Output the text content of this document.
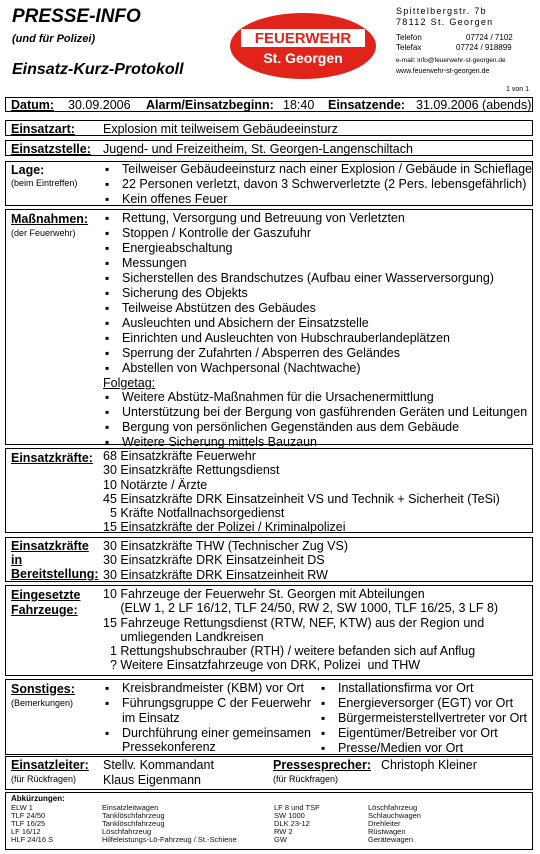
PRESSE-INFO
(und für Polizei)
Einsatz-Kurz-Protokoll
FEUERWEHR
St. Georgen
Spittelbergstr. 7b
78112 St. Georgen
Telefon	07724 / 7102
Telefax	07724 / 918899
e-mail: info@feuerwehr-st-georgen.de
www.feuerwehr-st-georgen.de
1 von 1
Datum: 30.09.2006 Alarm/Einsatzbeginn: 18:40 Einsatzende: 31.09.2006 (abends)
Einsatzart: Explosion mit teilweisem Gebäudeeinsturz
Einsatzstelle: Jugend- und Freizeitheim, St. Georgen-Langenschiltach
Lage:
(beim Eintreffen)
▪ Teilweiser Gebäudeeinsturz nach einer Explosion / Gebäude in Schieflage
▪ 22 Personen verletzt, davon 3 Schwerverletzte (2 Pers. lebensgefährlich)
▪ Kein offenes Feuer
Maßnahmen:
(der Feuerwehr)
▪ Rettung, Versorgung und Betreuung von Verletzten
▪ Stoppen / Kontrolle der Gaszufuhr
▪ Energieabschaltung
▪ Messungen
▪ Sicherstellen des Brandschutzes (Aufbau einer Wasserversorgung)
▪ Sicherung des Objekts
▪ Teilweise Abstützen des Gebäudes
▪ Ausleuchten und Absichern der Einsatzstelle
▪ Einrichten und Ausleuchten von Hubschrauberlandeplätzen
▪ Sperrung der Zufahrten / Absperren des Geländes
▪ Abstellen von Wachpersonal (Nachtwache)
Folgetag:
▪ Weitere Abstütz-Maßnahmen für die Ursachenermittlung
▪ Unterstützung bei der Bergung von gasführenden Geräten und Leitungen
▪ Bergung von persönlichen Gegenständen aus dem Gebäude
▪ Weitere Sicherung mittels Bauzaun
Einsatzkräfte: 68 Einsatzkräfte Feuerwehr
30 Einsatzkräfte Rettungsdienst
10 Notärzte / Ärzte
45 Einsatzkräfte DRK Einsatzeinheit VS und Technik + Sicherheit (TeSi)
5 Kräfte Notfallnachsorgedienst
15 Einsatzkräfte der Polizei / Kriminalpolizei
Einsatzkräfte
in
Bereitstellung:
30 Einsatzkräfte THW (Technischer Zug VS)
30 Einsatzkräfte DRK Einsatzeinheit DS
30 Einsatzkräfte DRK Einsatzeinheit RW
Eingesetzte
Fahrzeuge:
10 Fahrzeuge der Feuerwehr St. Georgen mit Abteilungen
(ELW 1, 2 LF 16/12, TLF 24/50, RW 2, SW 1000, TLF 16/25, 3 LF 8)
15 Fahrzeuge Rettungsdienst (RTW, NEF, KTW) aus der Region und
umliegenden Landkreisen
1 Rettungshubschrauber (RTH) / weitere befanden sich auf Anflug
? Weitere Einsatzfahrzeuge von DRK, Polizei  und THW
Sonstiges:
(Bemerkungen)
▪ Kreisbrandmeister (KBM) vor Ort
▪ Führungsgruppe C der Feuerwehr
im Einsatz
▪ Durchführung einer gemeinsamen
Pressekonferenz
▪ Installationsfirma vor Ort
▪ Energieversorger (EGT) vor Ort
▪ Bürgermeisterstellvertreter vor Ort
▪ Eigentümer/Betreiber vor Ort
▪ Presse/Medien vor Ort
Einsatzleiter:
(für Rückfragen)
Stellv. Kommandant
Klaus Eigenmann
Pressesprecher:
(für Rückfragen)
Christoph Kleiner
Abkürzungen:
ELW 1
TLF 24/50
TLF 16/25
LF 16/12
HLF 24/16 S
Einsatzleitwagen
Tanklöschfahrzeug
Tanklöschfahrzeug
Löschfahrzeug
Hilfeleistungs-Lö-Fahrzeug / St.-Schiene
LF 8 und TSF
SW 1000
DLK 23-12
RW 2
GW
Löschfahrzeug
Schlauchwagen
Drehleiter
Rüstwagen
Gerätewagen
